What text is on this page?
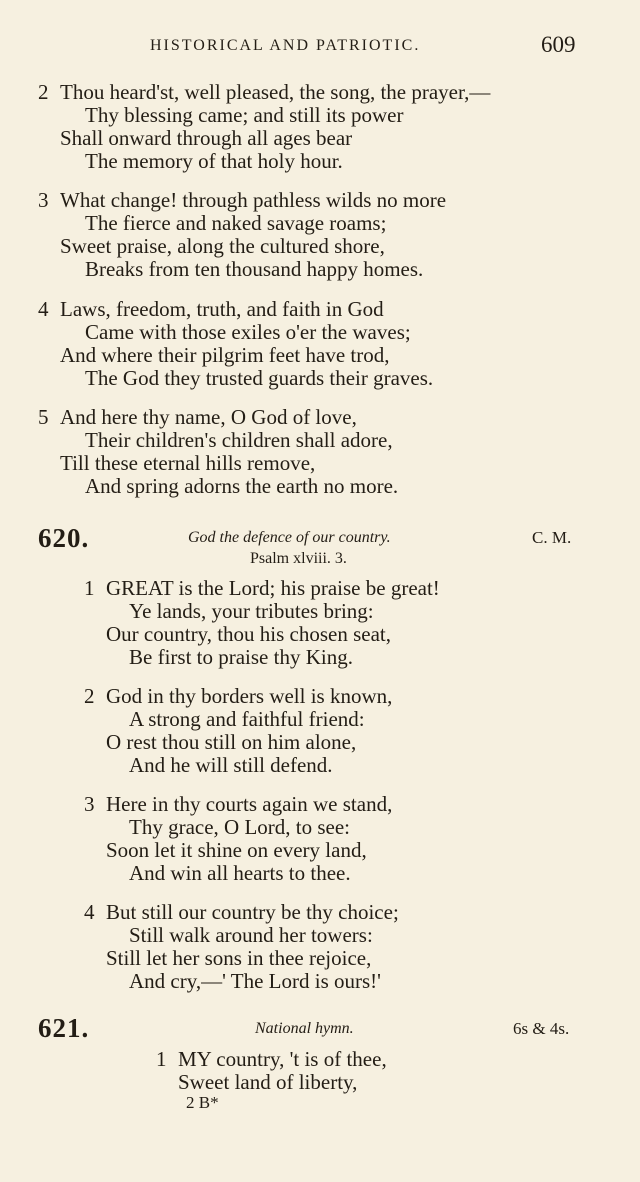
HISTORICAL AND PATRIOTIC.	609
2 Thou heard'st, well pleased, the song, the prayer,—
Thy blessing came; and still its power
Shall onward through all ages bear
The memory of that holy hour.
3 What change! through pathless wilds no more
The fierce and naked savage roams;
Sweet praise, along the cultured shore,
Breaks from ten thousand happy homes.
4 Laws, freedom, truth, and faith in God
Came with those exiles o'er the waves;
And where their pilgrim feet have trod,
The God they trusted guards their graves.
5 And here thy name, O God of love,
Their children's children shall adore,
Till these eternal hills remove,
And spring adorns the earth no more.
620.	God the defence of our country.	C. M.
Psalm xlviii. 3.
1 GREAT is the Lord; his praise be great!
Ye lands, your tributes bring:
Our country, thou his chosen seat,
Be first to praise thy King.
2 God in thy borders well is known,
A strong and faithful friend:
O rest thou still on him alone,
And he will still defend.
3 Here in thy courts again we stand,
Thy grace, O Lord, to see:
Soon let it shine on every land,
And win all hearts to thee.
4 But still our country be thy choice;
Still walk around her towers:
Still let her sons in thee rejoice,
And cry,—' The Lord is ours!'
621.	National hymn.	6s & 4s.
1 MY country, 't is of thee,
Sweet land of liberty,
2 B*
